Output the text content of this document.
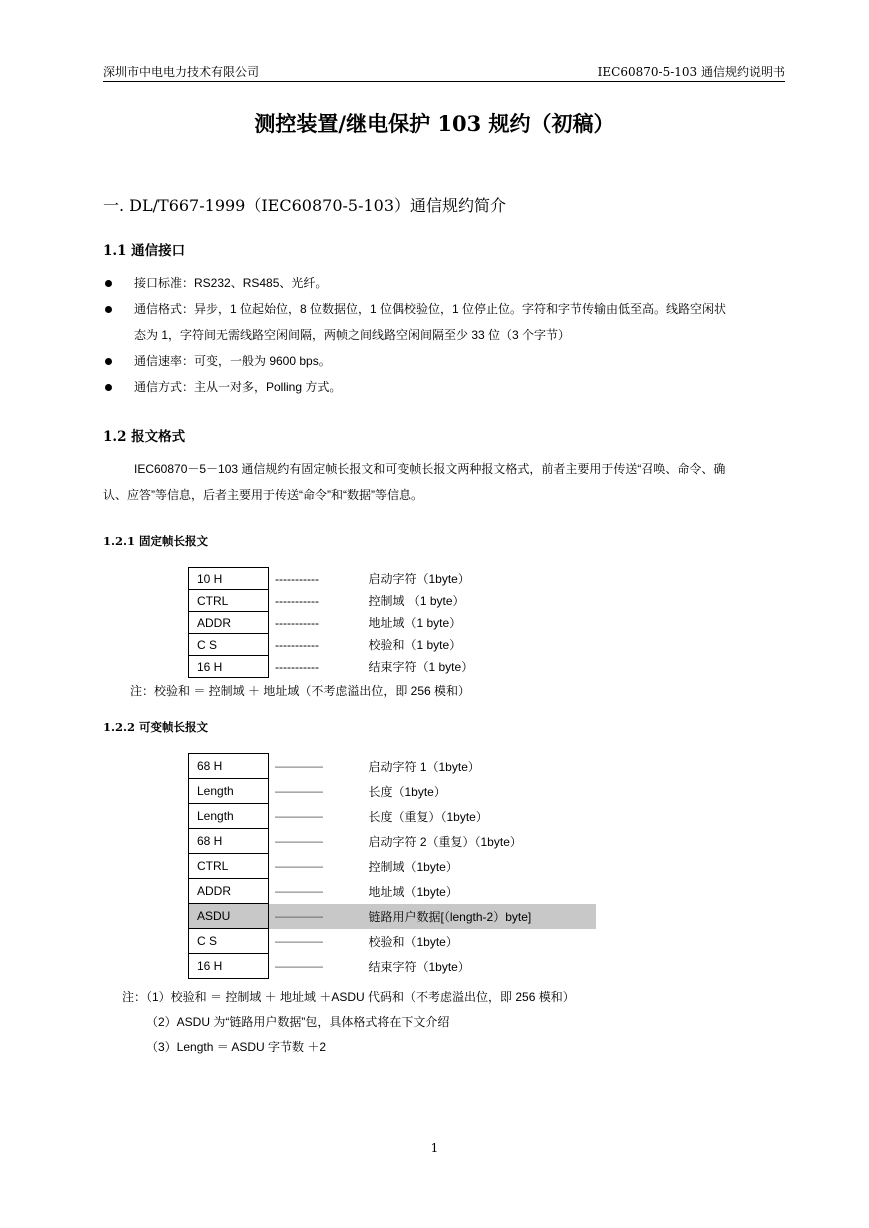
深圳市中电电力技术有限公司	IEC60870-5-103 通信规约说明书
测控装置/继电保护 103 规约（初稿）
一. DL/T667-1999（IEC60870-5-103）通信规约简介
1.1 通信接口
接口标准：RS232、RS485、光纤。
通信格式：异步，1 位起始位，8 位数据位，1 位偶校验位，1 位停止位。字符和字节传输由低至高。线路空闲状
态为 1，字符间无需线路空闲间隔，两帧之间线路空闲间隔至少 33 位（3 个字节）
通信速率：可变，一般为 9600 bps。
通信方式：主从一对多，Polling 方式。
1.2 报文格式
IEC60870－5－103 通信规约有固定帧长报文和可变帧长报文两种报文格式，前者主要用于传送“召唤、命令、确
认、应答”等信息，后者主要用于传送“命令”和“数据”等信息。
1.2.1 固定帧长报文
10 H	-----------	启动字符（1byte）
CTRL	-----------	控制域 （1 byte）
ADDR	-----------	地址域（1 byte）
C S	-----------	校验和（1 byte）
16 H	-----------	结束字符（1 byte）
注：校验和 ＝ 控制域 ＋ 地址域（不考虑溢出位，即 256 模和）
1.2.2 可变帧长报文
68 H	————	启动字符 1（1byte）
Length	————	长度（1byte）
Length	————	长度（重复）（1byte）
68 H	————	启动字符 2（重复）（1byte）
CTRL	————	控制域（1byte）
ADDR	————	地址域（1byte）
ASDU	————	链路用户数据[（length-2）byte]
C S	————	校验和（1byte）
16 H	————	结束字符（1byte）
注：（1）校验和 ＝ 控制域 ＋ 地址域 ＋ASDU 代码和（不考虑溢出位，即 256 模和）
（2）ASDU 为“链路用户数据”包，具体格式将在下文介绍
（3）Length ＝ ASDU 字节数 ＋2
1
